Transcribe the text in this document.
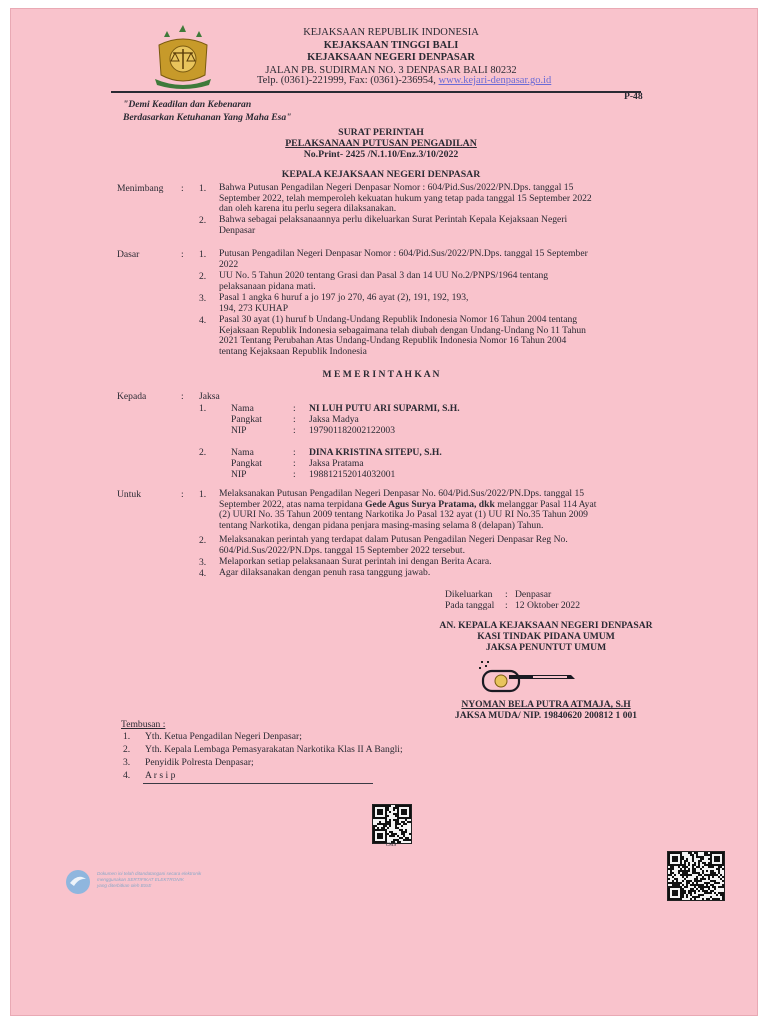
KEJAKSAAN REPUBLIK INDONESIA
KEJAKSAAN TINGGI BALI
KEJAKSAAN NEGERI DENPASAR
JALAN PB. SUDIRMAN NO. 3 DENPASAR BALI 80232
Telp. (0361)-221999, Fax: (0361)-236954, www.kejari-denpasar.go.id
"Demi Keadilan dan Kebenaran
Berdasarkan Ketuhanan Yang Maha Esa"
P-48
SURAT PERINTAH
PELAKSANAAN PUTUSAN PENGADILAN
No.Print- 2425 /N.1.10/Enz.3/10/2022
KEPALA KEJAKSAAN NEGERI DENPASAR
Menimbang : 1. Bahwa Putusan Pengadilan Negeri Denpasar Nomor : 604/Pid.Sus/2022/PN.Dps. tanggal 15
September 2022, telah memperoleh kekuatan hukum yang tetap pada tanggal 15 September 2022
dan oleh karena itu perlu segera dilaksanakan.
2. Bahwa sebagai pelaksanaannya perlu dikeluarkan Surat Perintah Kepala Kejaksaan Negeri
Denpasar
Dasar	: 1. Putusan Pengadilan Negeri Denpasar Nomor : 604/Pid.Sus/2022/PN.Dps. tanggal 15 September
2022
2. UU No. 5 Tahun 2020 tentang Grasi dan Pasal 3 dan 14 UU No.2/PNPS/1964 tentang
pelaksanaan pidana mati.
3. Pasal 1 angka 6 huruf a jo 197 jo 270, 46 ayat (2), 191, 192, 193,
194, 273 KUHAP
4. Pasal 30 ayat (1) huruf b Undang-Undang Republik Indonesia Nomor 16 Tahun 2004 tentang
Kejaksaan Republik Indonesia sebagaimana telah diubah dengan Undang-Undang No 11 Tahun
2021 Tentang Perubahan Atas Undang-Undang Republik Indonesia Nomor 16 Tahun 2004
tentang Kejaksaan Republik Indonesia
M E M E R I N T A H K A N
Kepada	: Jaksa
1.	Nama	: NI LUH PUTU ARI SUPARMI, S.H.
Pangkat	: Jaksa Madya
NIP	: 197901182002122003
2.	Nama	: DINA KRISTINA SITEPU, S.H.
Pangkat	: Jaksa Pratama
NIP	: 198812152014032001
Untuk	: 1. Melaksanakan Putusan Pengadilan Negeri Denpasar No. 604/Pid.Sus/2022/PN.Dps. tanggal 15
September 2022, atas nama terpidana Gede Agus Surya Pratama, dkk melanggar Pasal 114 Ayat
(2) UURI No. 35 Tahun 2009 tentang Narkotika Jo Pasal 132 ayat (1) UU RI No.35 Tahun 2009
tentang Narkotika, dengan pidana penjara masing-masing selama 8 (delapan) Tahun.
2. Melaksanakan perintah yang terdapat dalam Putusan Pengadilan Negeri Denpasar Reg No.
604/Pid.Sus/2022/PN.Dps. tanggal 15 September 2022 tersebut.
3. Melaporkan setiap pelaksanaan Surat perintah ini dengan Berita Acara.
4. Agar dilaksanakan dengan penuh rasa tanggung jawab.
Dikeluarkan : Denpasar
Pada tanggal : 12 Oktober 2022
AN. KEPALA KEJAKSAAN NEGERI DENPASAR
KASI TINDAK PIDANA UMUM
JAKSA PENUNTUT UMUM
NYOMAN BELA PUTRA ATMAJA, S.H
JAKSA MUDA/ NIP. 19840620 200812 1 001
Tembusan :
1. Yth. Ketua Pengadilan Negeri Denpasar;
2. Yth. Kepala Lembaga Pemasyarakatan Narkotika Klas II A Bangli;
3. Penyidik Polresta Denpasar;
4. A r s i p
CMS
Dokumen ini telah ditandatangani secara elektronik
menggunakan SERTIFIKAT ELEKTRONIK
yang diterbitkan oleh BSrE
